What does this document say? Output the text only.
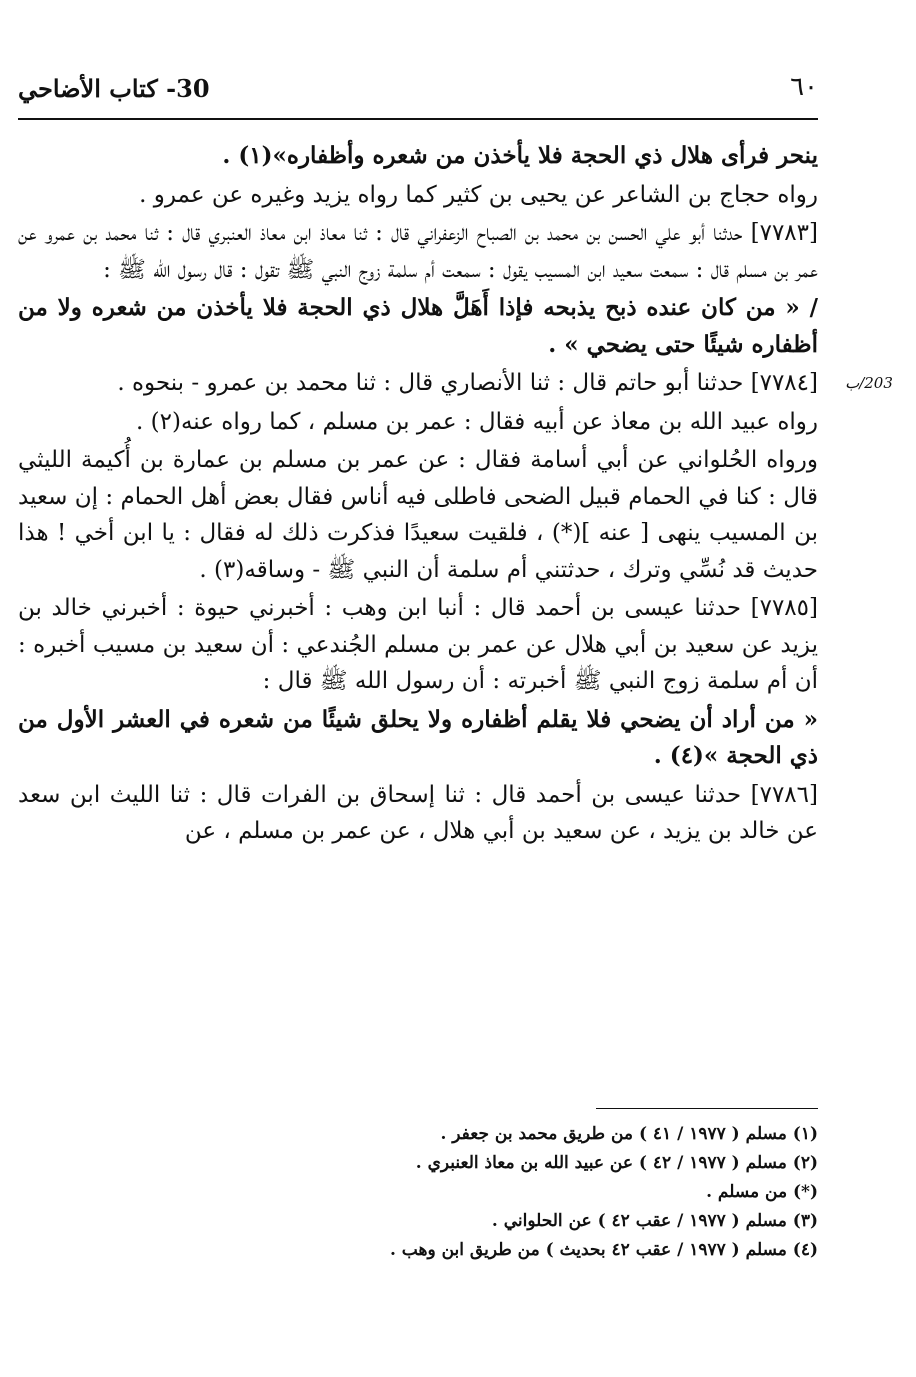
٦٠
30- كتاب الأضاحي
203/ب

ينحر فرأى هلال ذي الحجة فلا يأخذن من شعره وأظفاره»(١) .

رواه حجاج بن الشاعر عن يحيى بن كثير كما رواه يزيد وغيره عن عمرو .

[٧٧٨٣] حدثنا أبو علي الحسن بن محمد بن الصباح الزعفراني قال : ثنا معاذ ابن معاذ العنبري قال : ثنا محمد بن عمرو عن عمر بن مسلم قال : سمعت سعيد ابن المسيب يقول : سمعت أم سلمة زوج النبي ﷺ تقول : قال رسول الله ﷺ :

/ « من كان عنده ذبح يذبحه فإذا أَهَلَّ هلال ذي الحجة فلا يأخذن من شعره ولا من أظفاره شيئًا حتى يضحي » .

[٧٧٨٤] حدثنا أبو حاتم قال : ثنا الأنصاري قال : ثنا محمد بن عمرو - بنحوه .

رواه عبيد الله بن معاذ عن أبيه فقال : عمر بن مسلم ، كما رواه عنه(٢) .

ورواه الحُلواني عن أبي أسامة فقال : عن عمر بن مسلم بن عمارة بن أُكيمة الليثي قال : كنا في الحمام قبيل الضحى فاطلى فيه أناس فقال بعض أهل الحمام : إن سعيد بن المسيب ينهى [ عنه ](*) ، فلقيت سعيدًا فذكرت ذلك له فقال : يا ابن أخي ! هذا حديث قد نُسِّي وترك ، حدثتني أم سلمة أن النبي ﷺ - وساقه(٣) .

[٧٧٨٥] حدثنا عيسى بن أحمد قال : أنبا ابن وهب : أخبرني حيوة : أخبرني خالد بن يزيد عن سعيد بن أبي هلال عن عمر بن مسلم الجُندعي : أن سعيد بن مسيب أخبره : أن أم سلمة زوج النبي ﷺ أخبرته : أن رسول الله ﷺ قال :

« من أراد أن يضحي فلا يقلم أظفاره ولا يحلق شيئًا من شعره في العشر الأول من ذي الحجة »(٤) .

[٧٧٨٦] حدثنا عيسى بن أحمد قال : ثنا إسحاق بن الفرات قال : ثنا الليث ابن سعد عن خالد بن يزيد ، عن سعيد بن أبي هلال ، عن عمر بن مسلم ، عن

(١) مسلم ( ١٩٧٧ / ٤١ ) من طريق محمد بن جعفر .
(٢) مسلم ( ١٩٧٧ / ٤٢ ) عن عبيد الله بن معاذ العنبري .
(*) من مسلم .
(٣) مسلم ( ١٩٧٧ / عقب ٤٢ ) عن الحلواني .
(٤) مسلم ( ١٩٧٧ / عقب ٤٢ بحديث ) من طريق ابن وهب .
